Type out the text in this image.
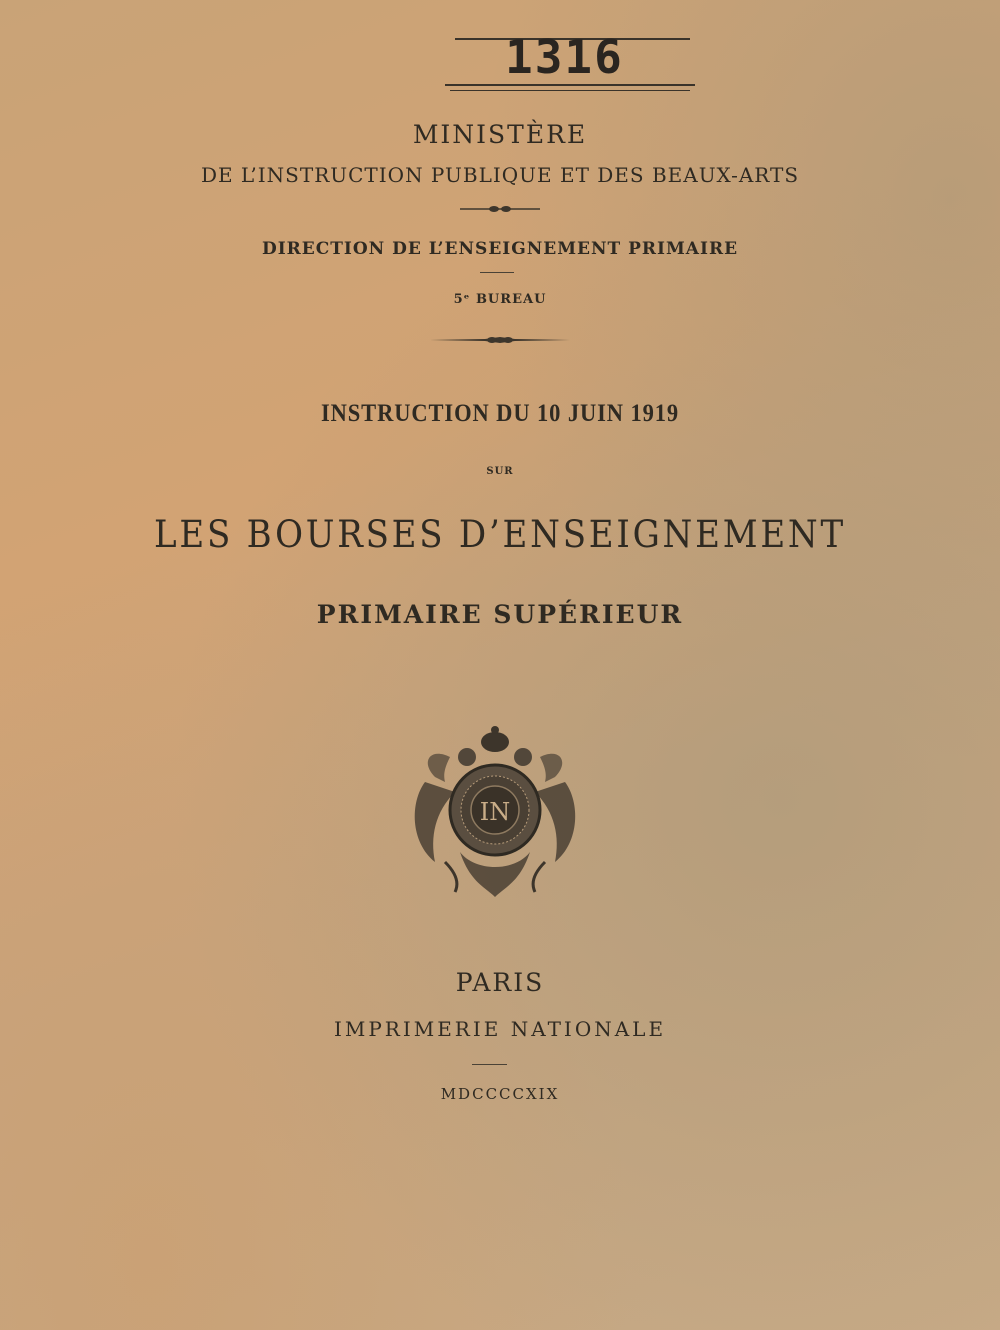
1316
MINISTÈRE
DE L’INSTRUCTION PUBLIQUE ET DES BEAUX-ARTS
DIRECTION DE L’ENSEIGNEMENT PRIMAIRE
5ᵉ BUREAU
INSTRUCTION DU 10 JUIN 1919
SUR
LES BOURSES D’ENSEIGNEMENT
PRIMAIRE SUPÉRIEUR
IN
PARIS
IMPRIMERIE NATIONALE
MDCCCCXIX
